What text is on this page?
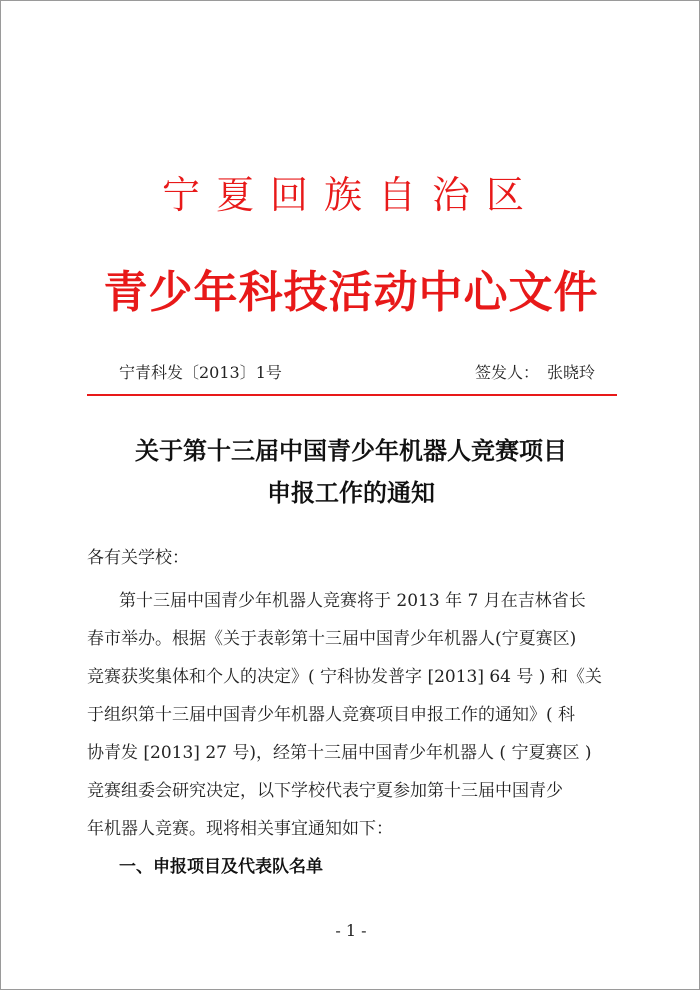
宁夏回族自治区
青少年科技活动中心文件
宁青科发〔2013〕1号	签发人： 张晓玲
关于第十三届中国青少年机器人竞赛项目
申报工作的通知
各有关学校：
第十三届中国青少年机器人竞赛将于 2013 年 7 月在吉林省长
春市举办。根据《关于表彰第十三届中国青少年机器人(宁夏赛区)
竞赛获奖集体和个人的决定》( 宁科协发普字 [2013] 64 号 ) 和《关
于组织第十三届中国青少年机器人竞赛项目申报工作的通知》( 科
协青发 [2013] 27 号)，经第十三届中国青少年机器人 ( 宁夏赛区 )
竞赛组委会研究决定，以下学校代表宁夏参加第十三届中国青少
年机器人竞赛。现将相关事宜通知如下：
一、申报项目及代表队名单
- 1 -
